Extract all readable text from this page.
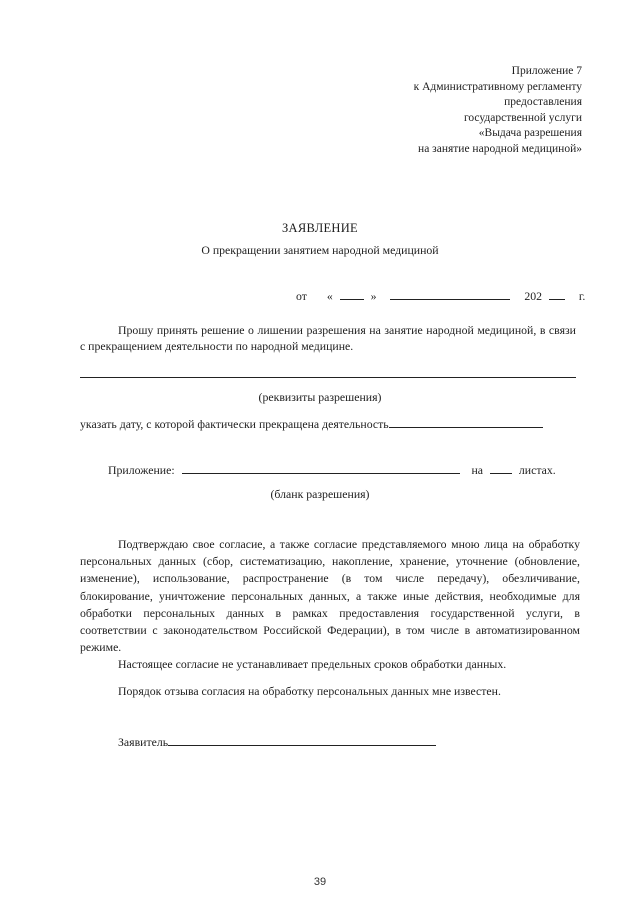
Приложение 7
к Административному регламенту
предоставления
государственной услуги
«Выдача разрешения
на занятие народной медициной»
ЗАЯВЛЕНИЕ
О прекращении занятием народной медициной
от «	»	202	г.
Прошу принять решение о лишении разрешения на занятие народной медициной, в связи с прекращением деятельности по народной медицине.
(реквизиты разрешения)
указать дату, с которой фактически прекращена деятельность
Приложение:	на	листах.
(бланк разрешения)
Подтверждаю свое согласие, а также согласие представляемого мною лица на обработку персональных данных (сбор, систематизацию, накопление, хранение, уточнение (обновление, изменение), использование, распространение (в том числе передачу), обезличивание, блокирование, уничтожение персональных данных, а также иные действия, необходимые для обработки персональных данных в рамках предоставления государственной услуги, в соответствии с законодательством Российской Федерации), в том числе в автоматизированном режиме.
Настоящее согласие не устанавливает предельных сроков обработки данных.
Порядок отзыва согласия на обработку персональных данных мне известен.
Заявитель
39
